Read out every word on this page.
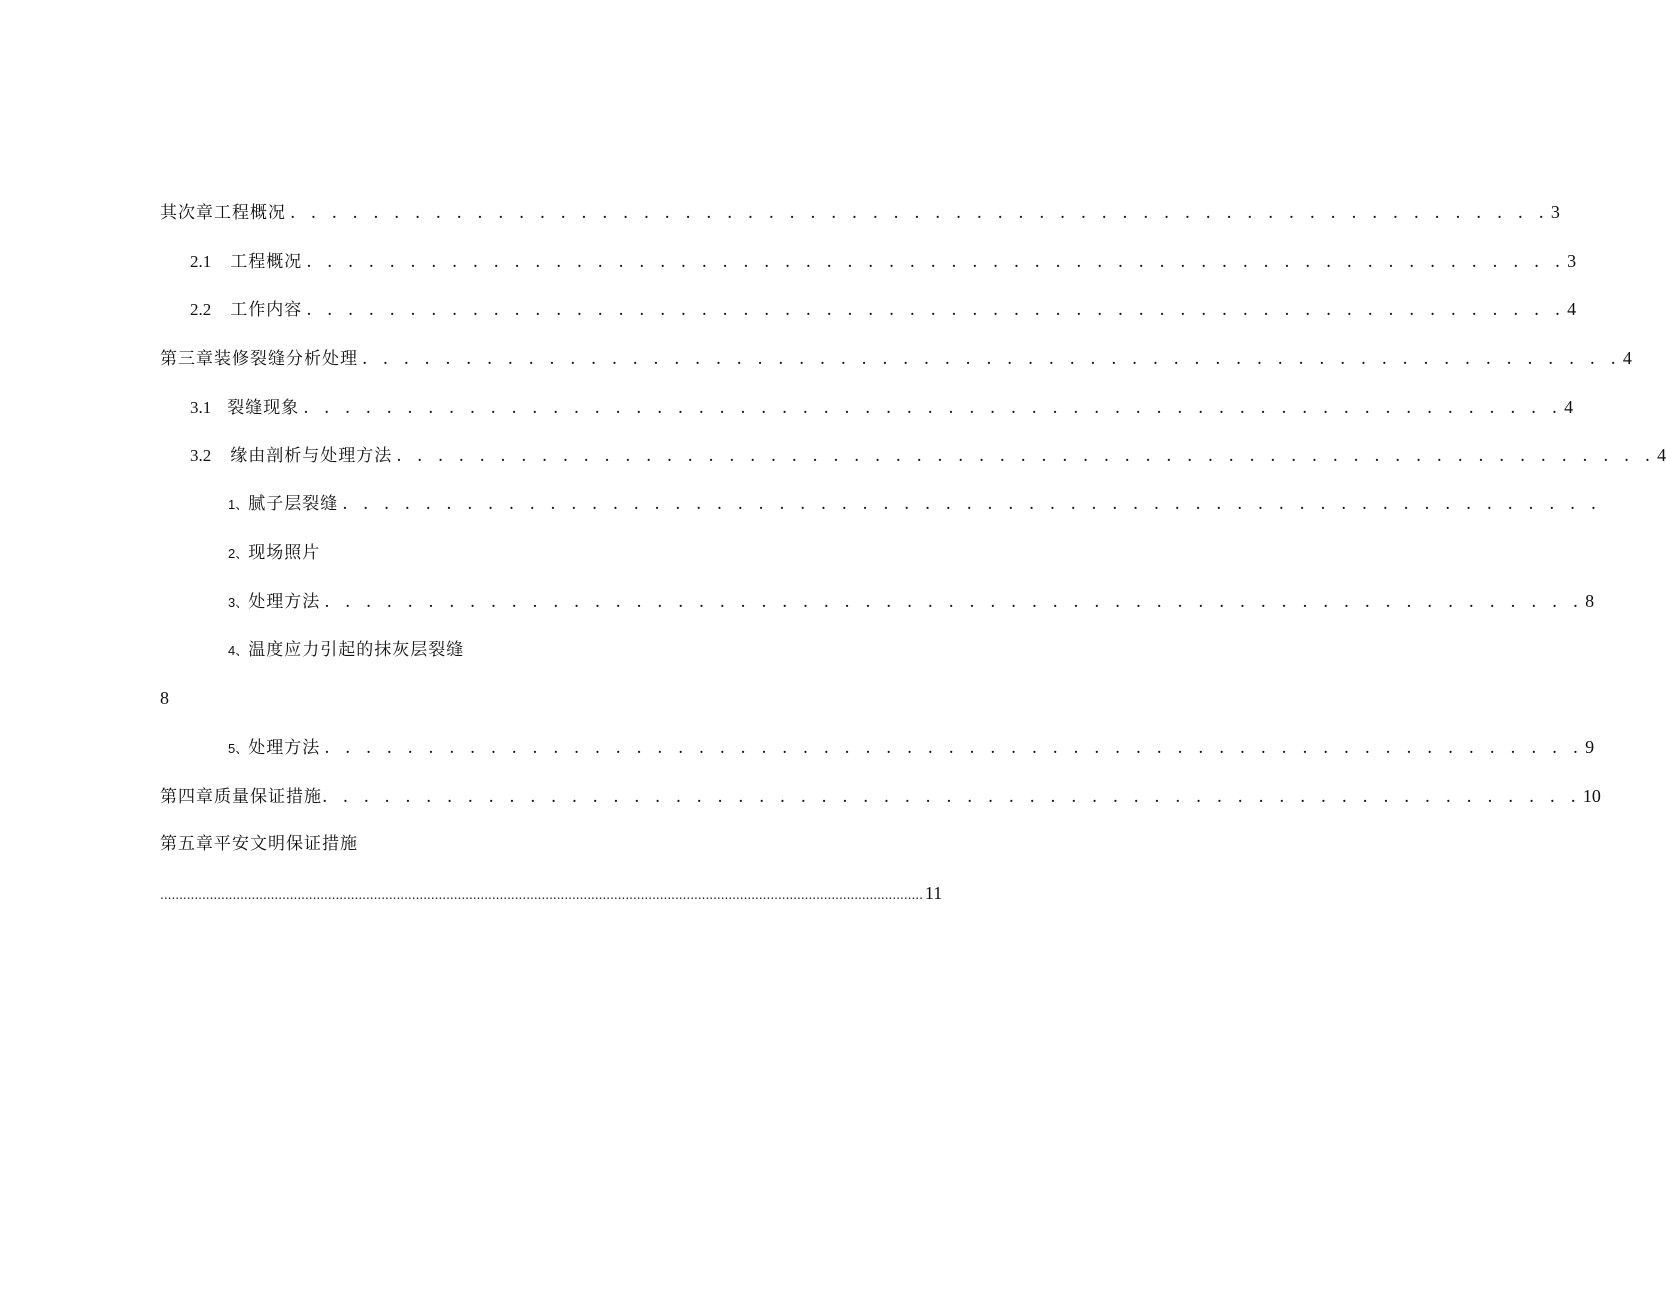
其次章工程概况 . . . . . . . . . . . . . . . . . . . . . . . . . . . . . . . . . . . . . . . . . . . . . . . . . . . . . . . . . . . . . 3
2.1 工程概况 . . . . . . . . . . . . . . . . . . . . . . . . . . . . . . . . . . . . . . . . . . . . . . . . . . . . . . . . . . . . . 3
2.2 工作内容 . . . . . . . . . . . . . . . . . . . . . . . . . . . . . . . . . . . . . . . . . . . . . . . . . . . . . . . . . . . . . 4
第三章装修裂缝分析处理 . . . . . . . . . . . . . . . . . . . . . . . . . . . . . . . . . . . . . . . . . . . . . . . . . . . . . . . . . . . . . 4
3.1 裂缝现象 . . . . . . . . . . . . . . . . . . . . . . . . . . . . . . . . . . . . . . . . . . . . . . . . . . . . . . . . . . . . . 4
3.2 缘由剖析与处理方法 . . . . . . . . . . . . . . . . . . . . . . . . . . . . . . . . . . . . . . . . . . . . . . . . . . . . . . . . . . . . . 4
1、 腻子层裂缝 . . . . . . . . . . . . . . . . . . . . . . . . . . . . . . . . . . . . . . . . . . . . . . . . . . . . . . . . . . . . .
2、 现场照片
3、 处理方法 . . . . . . . . . . . . . . . . . . . . . . . . . . . . . . . . . . . . . . . . . . . . . . . . . . . . . . . . . . . . . 8
4、 温度应力引起的抹灰层裂缝
8
5、 处理方法 . . . . . . . . . . . . . . . . . . . . . . . . . . . . . . . . . . . . . . . . . . . . . . . . . . . . . . . . . . . . . 9
第四章质量保证措施 . . . . . . . . . . . . . . . . . . . . . . . . . . . . . . . . . . . . . . . . . . . . . . . . . . . . . . . . . . . . . 10
第五章平安文明保证措施
........................................................................................................................................................................................................ 11
